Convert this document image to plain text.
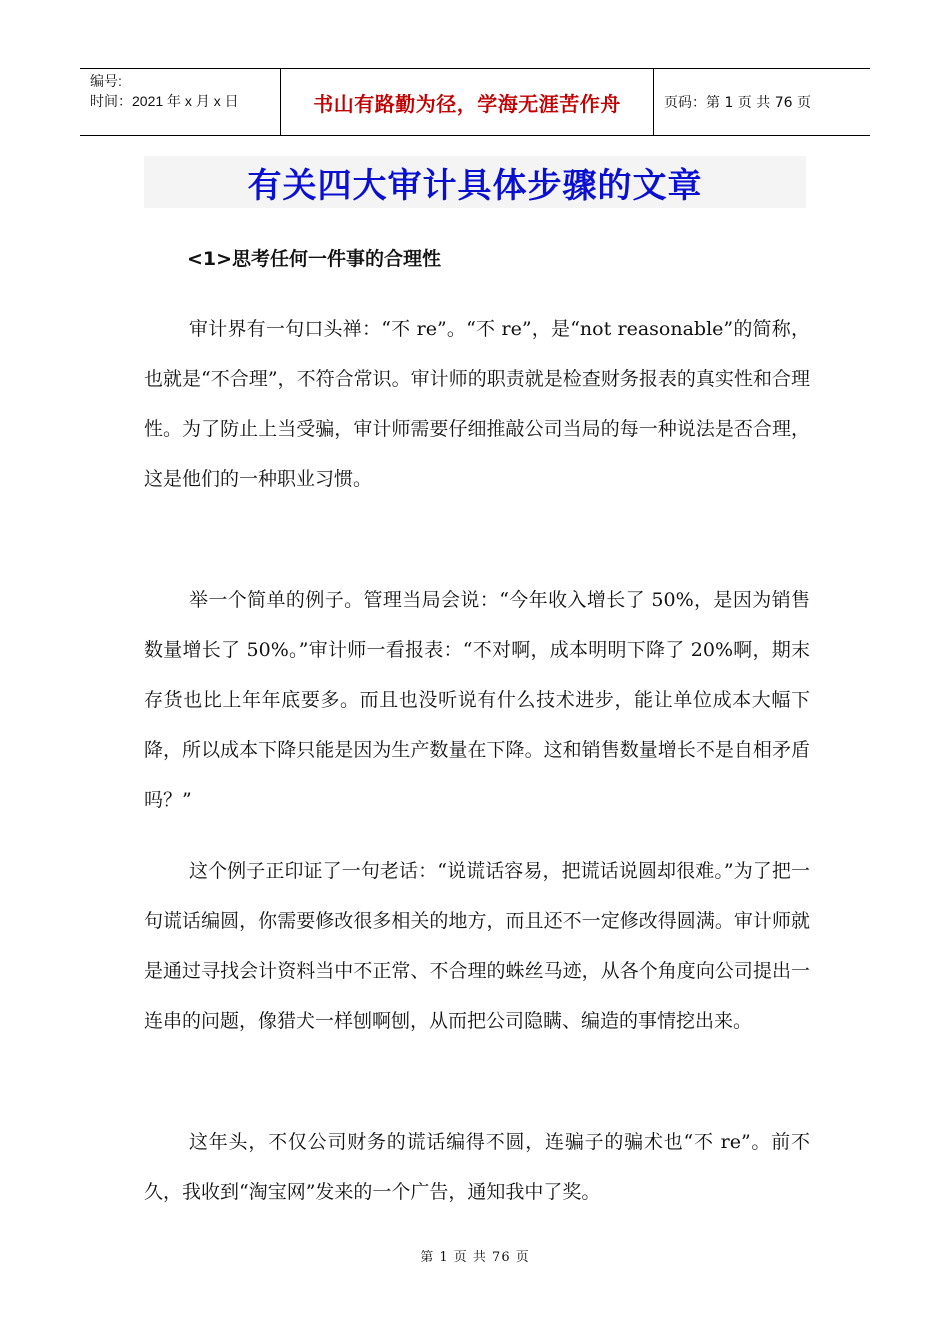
编号:
时间：2021 年 x 月 x 日	书山有路勤为径，学海无涯苦作舟	页码：第 1 页 共 76 页
有关四大审计具体步骤的文章
<1>思考任何一件事的合理性

审计界有一句口头禅：“不 re”。“不 re”，是“not reasonable”的简称，也就是“不合理”，不符合常识。审计师的职责就是检查财务报表的真实性和合理性。为了防止上当受骗，审计师需要仔细推敲公司当局的每一种说法是否合理，这是他们的一种职业习惯。

举一个简单的例子。管理当局会说：“今年收入增长了 50%，是因为销售数量增长了 50%。”审计师一看报表：“不对啊，成本明明下降了 20%啊，期末存货也比上年年底要多。而且也没听说有什么技术进步，能让单位成本大幅下降，所以成本下降只能是因为生产数量在下降。这和销售数量增长不是自相矛盾吗？”

这个例子正印证了一句老话：“说谎话容易，把谎话说圆却很难。”为了把一句谎话编圆，你需要修改很多相关的地方，而且还不一定修改得圆满。审计师就是通过寻找会计资料当中不正常、不合理的蛛丝马迹，从各个角度向公司提出一连串的问题，像猎犬一样刨啊刨，从而把公司隐瞒、编造的事情挖出来。

这年头，不仅公司财务的谎话编得不圆，连骗子的骗术也“不 re”。前不久，我收到“淘宝网”发来的一个广告，通知我中了奖。

第 1 页 共 76 页
